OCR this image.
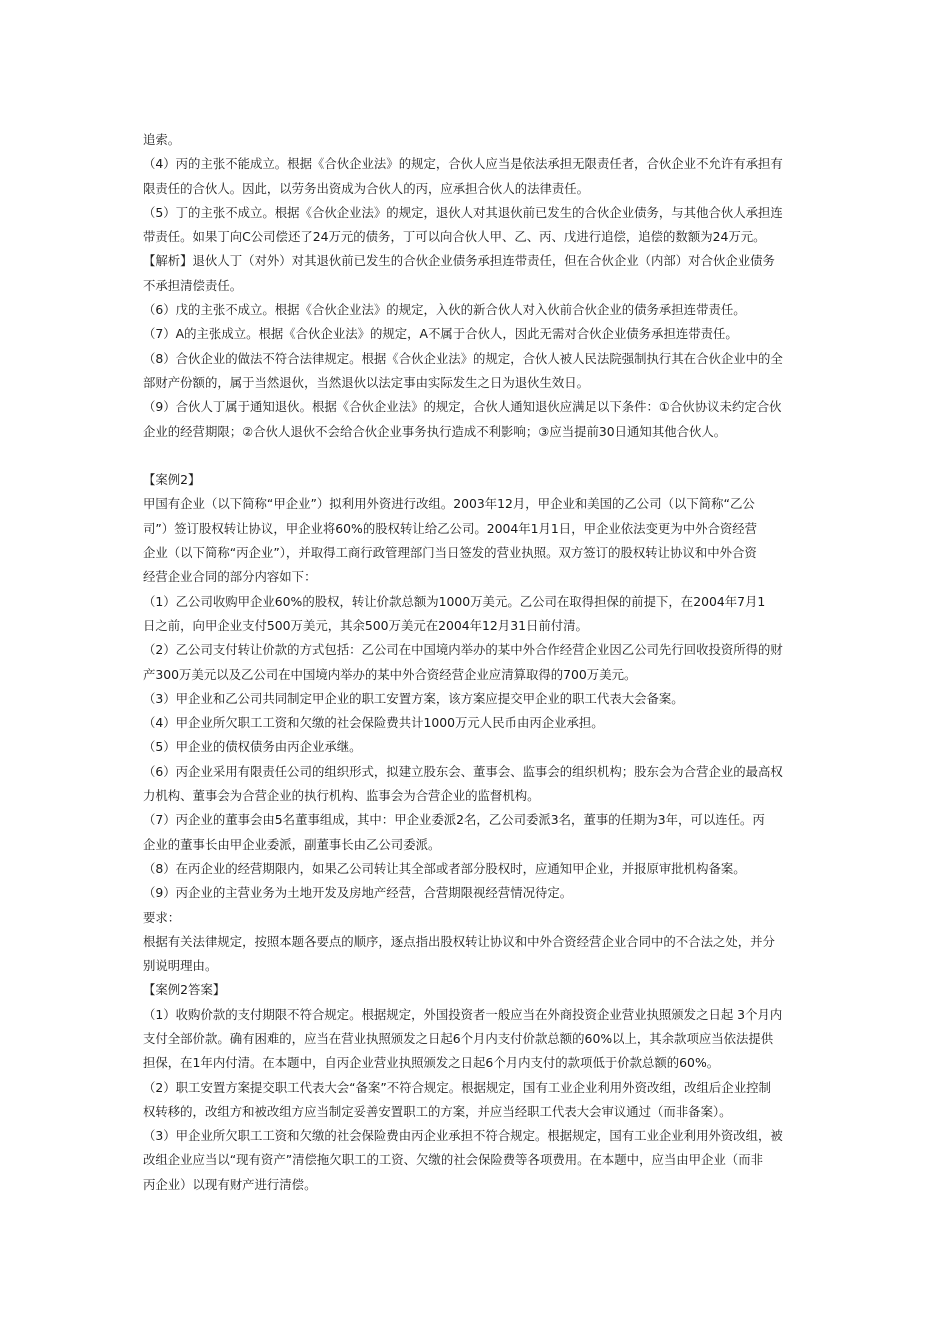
追索。
（4）丙的主张不能成立。根据《合伙企业法》的规定，合伙人应当是依法承担无限责任者，合伙企业不允许有承担有
限责任的合伙人。因此，以劳务出资成为合伙人的丙，应承担合伙人的法律责任。
（5）丁的主张不成立。根据《合伙企业法》的规定，退伙人对其退伙前已发生的合伙企业债务，与其他合伙人承担连
带责任。如果丁向C公司偿还了24万元的债务，丁可以向合伙人甲、乙、丙、戊进行追偿，追偿的数额为24万元。
【解析】退伙人丁（对外）对其退伙前已发生的合伙企业债务承担连带责任，但在合伙企业（内部）对合伙企业债务
不承担清偿责任。
（6）戊的主张不成立。根据《合伙企业法》的规定，入伙的新合伙人对入伙前合伙企业的债务承担连带责任。
（7）A的主张成立。根据《合伙企业法》的规定，A不属于合伙人，因此无需对合伙企业债务承担连带责任。
（8）合伙企业的做法不符合法律规定。根据《合伙企业法》的规定，合伙人被人民法院强制执行其在合伙企业中的全
部财产份额的，属于当然退伙，当然退伙以法定事由实际发生之日为退伙生效日。
（9）合伙人丁属于通知退伙。根据《合伙企业法》的规定，合伙人通知退伙应满足以下条件：①合伙协议未约定合伙
企业的经营期限；②合伙人退伙不会给合伙企业事务执行造成不利影响；③应当提前30日通知其他合伙人。
【案例2】
甲国有企业（以下简称“甲企业”）拟利用外资进行改组。2003年12月，甲企业和美国的乙公司（以下简称“乙公
司”）签订股权转让协议，甲企业将60%的股权转让给乙公司。2004年1月1日，甲企业依法变更为中外合资经营
企业（以下简称“丙企业”），并取得工商行政管理部门当日签发的营业执照。双方签订的股权转让协议和中外合资
经营企业合同的部分内容如下：
（1）乙公司收购甲企业60%的股权，转让价款总额为1000万美元。乙公司在取得担保的前提下，在2004年7月1
日之前，向甲企业支付500万美元，其余500万美元在2004年12月31日前付清。
（2）乙公司支付转让价款的方式包括：乙公司在中国境内举办的某中外合作经营企业因乙公司先行回收投资所得的财
产300万美元以及乙公司在中国境内举办的某中外合资经营企业应清算取得的700万美元。
（3）甲企业和乙公司共同制定甲企业的职工安置方案，该方案应提交甲企业的职工代表大会备案。
（4）甲企业所欠职工工资和欠缴的社会保险费共计1000万元人民币由丙企业承担。
（5）甲企业的债权债务由丙企业承继。
（6）丙企业采用有限责任公司的组织形式，拟建立股东会、董事会、监事会的组织机构；股东会为合营企业的最高权
力机构、董事会为合营企业的执行机构、监事会为合营企业的监督机构。
（7）丙企业的董事会由5名董事组成，其中：甲企业委派2名，乙公司委派3名，董事的任期为3年，可以连任。丙
企业的董事长由甲企业委派，副董事长由乙公司委派。
（8）在丙企业的经营期限内，如果乙公司转让其全部或者部分股权时，应通知甲企业，并报原审批机构备案。
（9）丙企业的主营业务为土地开发及房地产经营，合营期限视经营情况待定。
要求：
根据有关法律规定，按照本题各要点的顺序，逐点指出股权转让协议和中外合资经营企业合同中的不合法之处，并分
别说明理由。
【案例2答案】
（1）收购价款的支付期限不符合规定。根据规定，外国投资者一般应当在外商投资企业营业执照颁发之日起 3个月内
支付全部价款。确有困难的，应当在营业执照颁发之日起6个月内支付价款总额的60%以上，其余款项应当依法提供
担保，在1年内付清。在本题中，自丙企业营业执照颁发之日起6个月内支付的款项低于价款总额的60%。
（2）职工安置方案提交职工代表大会“备案”不符合规定。根据规定，国有工业企业利用外资改组，改组后企业控制
权转移的，改组方和被改组方应当制定妥善安置职工的方案，并应当经职工代表大会审议通过（而非备案）。
（3）甲企业所欠职工工资和欠缴的社会保险费由丙企业承担不符合规定。根据规定，国有工业企业利用外资改组，被
改组企业应当以“现有资产”清偿拖欠职工的工资、欠缴的社会保险费等各项费用。在本题中，应当由甲企业（而非
丙企业）以现有财产进行清偿。
